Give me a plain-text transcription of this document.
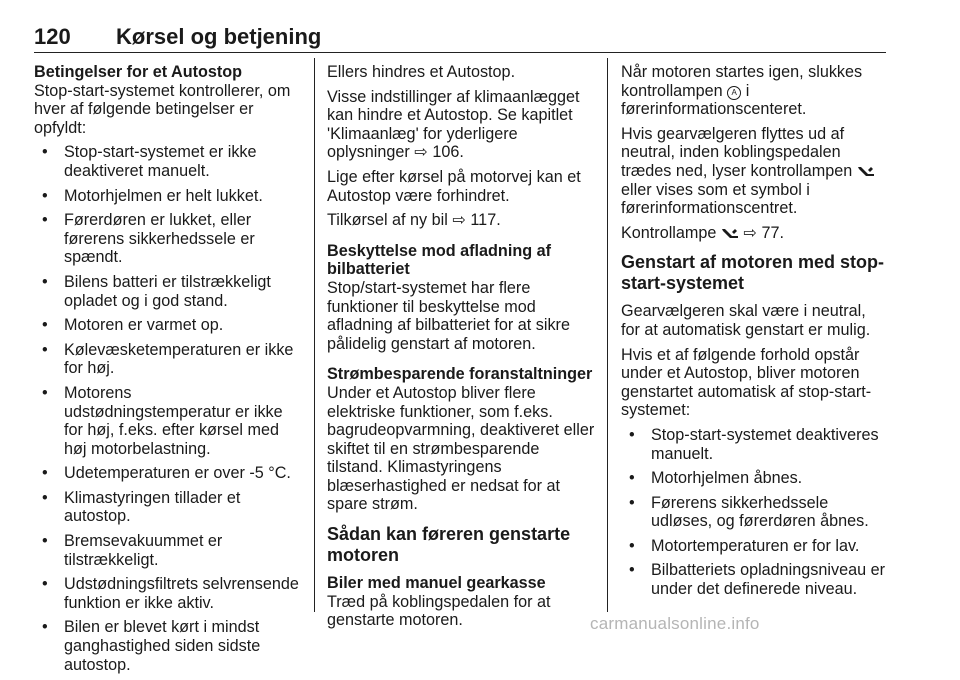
120 Kørsel og betjening

Betingelser for et Autostop

Stop-start-systemet kontrollerer, om hver af følgende betingelser er opfyldt:

• Stop-start-systemet er ikke deaktiveret manuelt.
• Motorhjelmen er helt lukket.
• Førerdøren er lukket, eller førerens sikkerhedssele er spændt.
• Bilens batteri er tilstrækkeligt opladet og i god stand.
• Motoren er varmet op.
• Kølevæsketemperaturen er ikke for høj.
• Motorens udstødningstemperatur er ikke for høj, f.eks. efter kørsel med høj motorbelastning.
• Udetemperaturen er over -5 °C.
• Klimastyringen tillader et autostop.
• Bremsevakuummet er tilstrækkeligt.
• Udstødningsfiltrets selvrensende funktion er ikke aktiv.
• Bilen er blevet kørt i mindst ganghastighed siden sidste autostop.

Ellers hindres et Autostop.

Visse indstillinger af klimaanlægget kan hindre et Autostop. Se kapitlet 'Klimaanlæg' for yderligere oplysninger ⇨ 106.

Lige efter kørsel på motorvej kan et Autostop være forhindret.

Tilkørsel af ny bil ⇨ 117.

Beskyttelse mod afladning af bilbatteriet

Stop/start-systemet har flere funktioner til beskyttelse mod afladning af bilbatteriet for at sikre pålidelig genstart af motoren.

Strømbesparende foranstaltninger

Under et Autostop bliver flere elektriske funktioner, som f.eks. bagrudeopvarmning, deaktiveret eller skiftet til en strømbesparende tilstand. Klimastyringens blæserhastighed er nedsat for at spare strøm.

Sådan kan føreren genstarte motoren

Biler med manuel gearkasse

Træd på koblingspedalen for at genstarte motoren.

Når motoren startes igen, slukkes kontrollampen A i førerinformationscenteret.

Hvis gearvælgeren flyttes ud af neutral, inden koblingspedalen trædes ned, lyser kontrollampen  eller vises som et symbol i førerinformationscentret.

Kontrollampe ⇨ 77.

Genstart af motoren med stop-start-systemet

Gearvælgeren skal være i neutral, for at automatisk genstart er mulig.

Hvis et af følgende forhold opstår under et Autostop, bliver motoren genstartet automatisk af stop-start-systemet:

• Stop-start-systemet deaktiveres manuelt.
• Motorhjelmen åbnes.
• Førerens sikkerhedssele udløses, og førerdøren åbnes.
• Motortemperaturen er for lav.
• Bilbatteriets opladningsniveau er under det definerede niveau.
carmanualsonline.info
